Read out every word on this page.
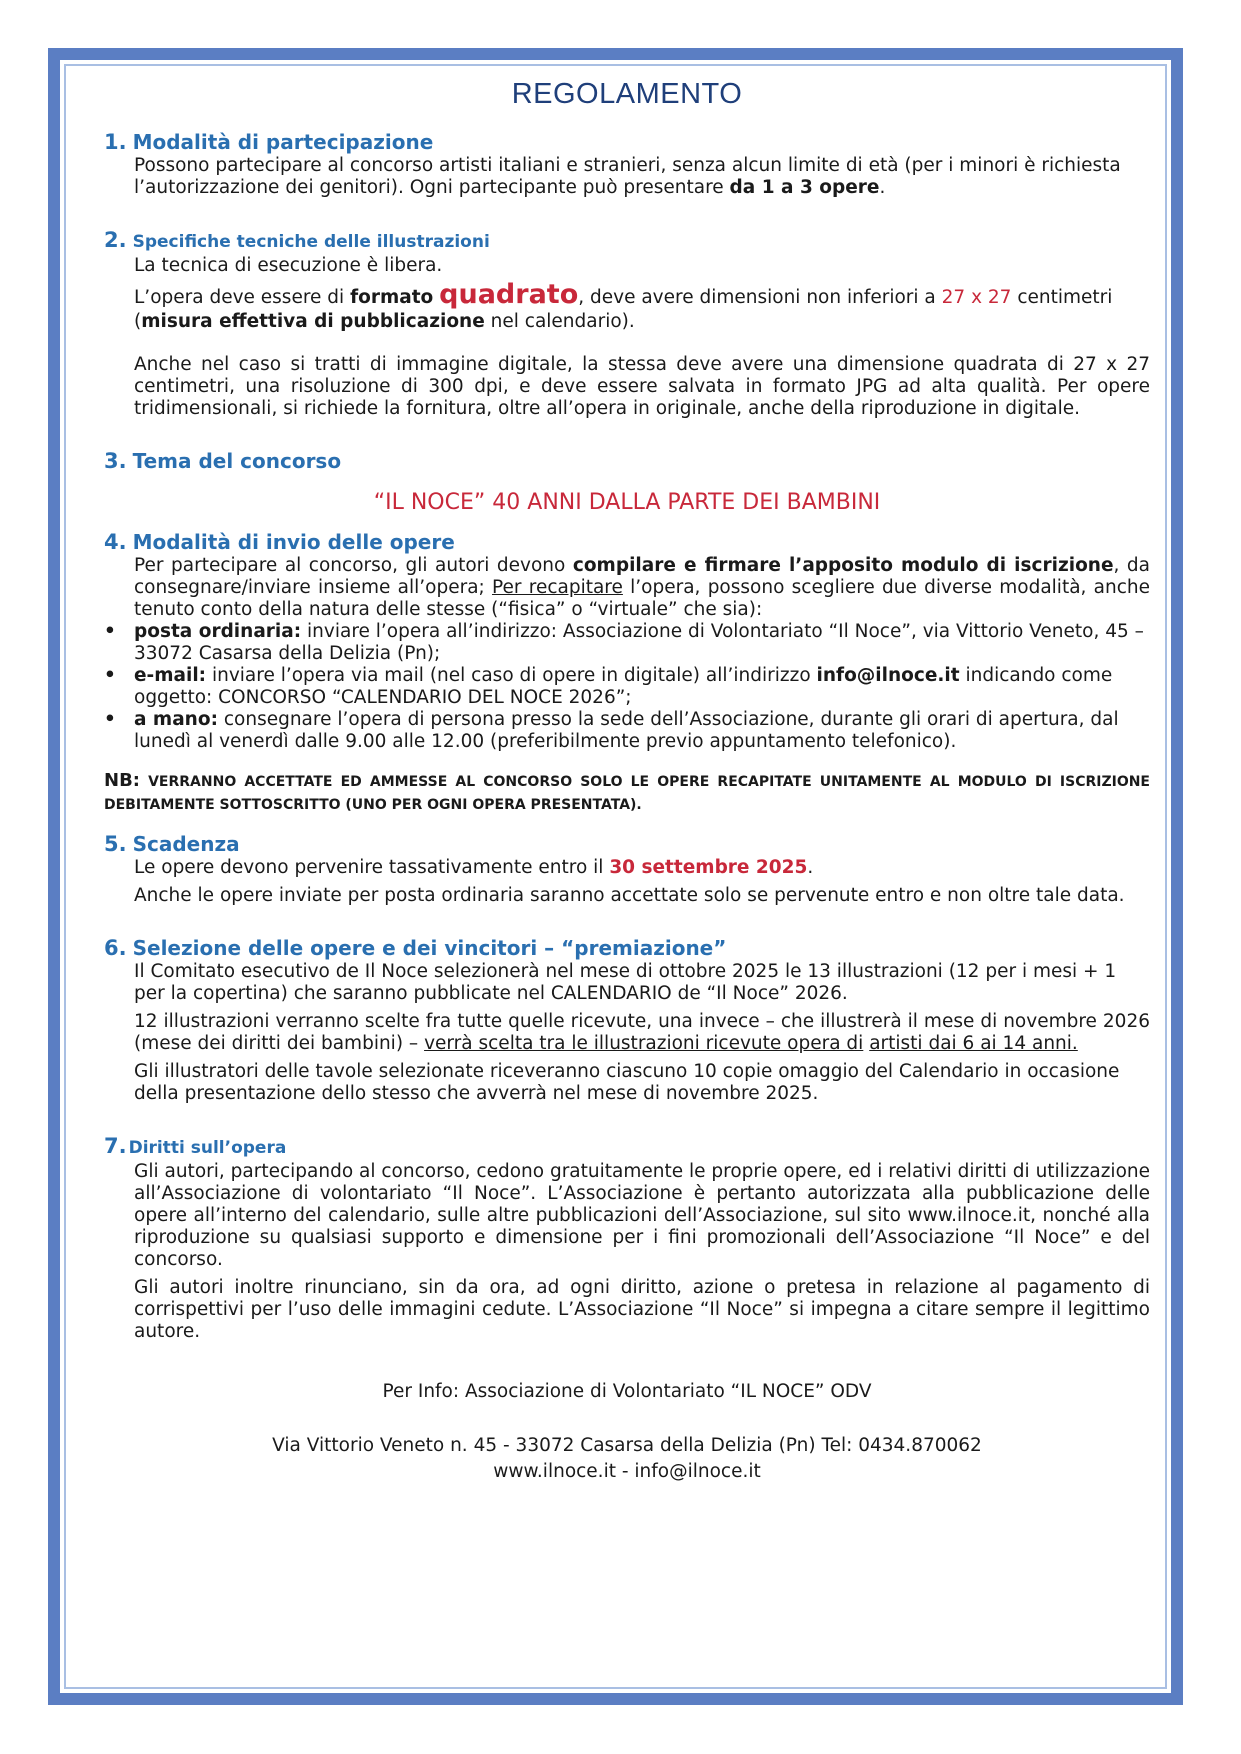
REGOLAMENTO
1. Modalità di partecipazione

Possono partecipare al concorso artisti italiani e stranieri, senza alcun limite di età (per i minori è richiesta l’autorizzazione dei genitori). Ogni partecipante può presentare da 1 a 3 opere.

2. Specifiche tecniche delle illustrazioni

La tecnica di esecuzione è libera.

L’opera deve essere di formato quadrato, deve avere dimensioni non inferiori a 27 x 27 centimetri (misura effettiva di pubblicazione nel calendario).

Anche nel caso si tratti di immagine digitale, la stessa deve avere una dimensione quadrata di 27 x 27 centimetri, una risoluzione di 300 dpi, e deve essere salvata in formato JPG ad alta qualità. Per opere tridimensionali, si richiede la fornitura, oltre all’opera in originale, anche della riproduzione in digitale.

3. Tema del concorso
“IL NOCE” 40 ANNI DALLA PARTE DEI BAMBINI
4. Modalità di invio delle opere

Per partecipare al concorso, gli autori devono compilare e firmare l’apposito modulo di iscrizione, da consegnare/inviare insieme all’opera; Per recapitare l’opera, possono scegliere due diverse modalità, anche tenuto conto della natura delle stesse (“fisica” o “virtuale” che sia):

• posta ordinaria: inviare l’opera all’indirizzo: Associazione di Volontariato “Il Noce”, via Vittorio Veneto, 45 – 33072 Casarsa della Delizia (Pn);
• e-mail: inviare l’opera via mail (nel caso di opere in digitale) all’indirizzo info@ilnoce.it indicando come oggetto: CONCORSO “CALENDARIO DEL NOCE 2026”;
• a mano: consegnare l’opera di persona presso la sede dell’Associazione, durante gli orari di apertura, dal lunedì al venerdì dalle 9.00 alle 12.00 (preferibilmente previo appuntamento telefonico).
NB: VERRANNO ACCETTATE ED AMMESSE AL CONCORSO SOLO LE OPERE RECAPITATE UNITAMENTE AL MODULO DI ISCRIZIONE DEBITAMENTE SOTTOSCRITTO (UNO PER OGNI OPERA PRESENTATA).
5. Scadenza

Le opere devono pervenire tassativamente entro il 30 settembre 2025.

Anche le opere inviate per posta ordinaria saranno accettate solo se pervenute entro e non oltre tale data.

6. Selezione delle opere e dei vincitori – “premiazione”

Il Comitato esecutivo de Il Noce selezionerà nel mese di ottobre 2025 le 13 illustrazioni (12 per i mesi + 1 per la copertina) che saranno pubblicate nel CALENDARIO de “Il Noce” 2026.

12 illustrazioni verranno scelte fra tutte quelle ricevute, una invece – che illustrerà il mese di novembre 2026 (mese dei diritti dei bambini) – verrà scelta tra le illustrazioni ricevute opera di artisti dai 6 ai 14 anni.

Gli illustratori delle tavole selezionate riceveranno ciascuno 10 copie omaggio del Calendario in occasione della presentazione dello stesso che avverrà nel mese di novembre 2025.

7. Diritti sull’opera

Gli autori, partecipando al concorso, cedono gratuitamente le proprie opere, ed i relativi diritti di utilizzazione all’Associazione di volontariato “Il Noce”. L’Associazione è pertanto autorizzata alla pubblicazione delle opere all’interno del calendario, sulle altre pubblicazioni dell’Associazione, sul sito www.ilnoce.it, nonché alla riproduzione su qualsiasi supporto e dimensione per i fini promozionali dell’Associazione “Il Noce” e del concorso.

Gli autori inoltre rinunciano, sin da ora, ad ogni diritto, azione o pretesa in relazione al pagamento di corrispettivi per l’uso delle immagini cedute. L’Associazione “Il Noce” si impegna a citare sempre il legittimo autore.

Per Info: Associazione di Volontariato “IL NOCE” ODV
Via Vittorio Veneto n. 45 - 33072 Casarsa della Delizia (Pn) Tel: 0434.870062
www.ilnoce.it - info@ilnoce.it
